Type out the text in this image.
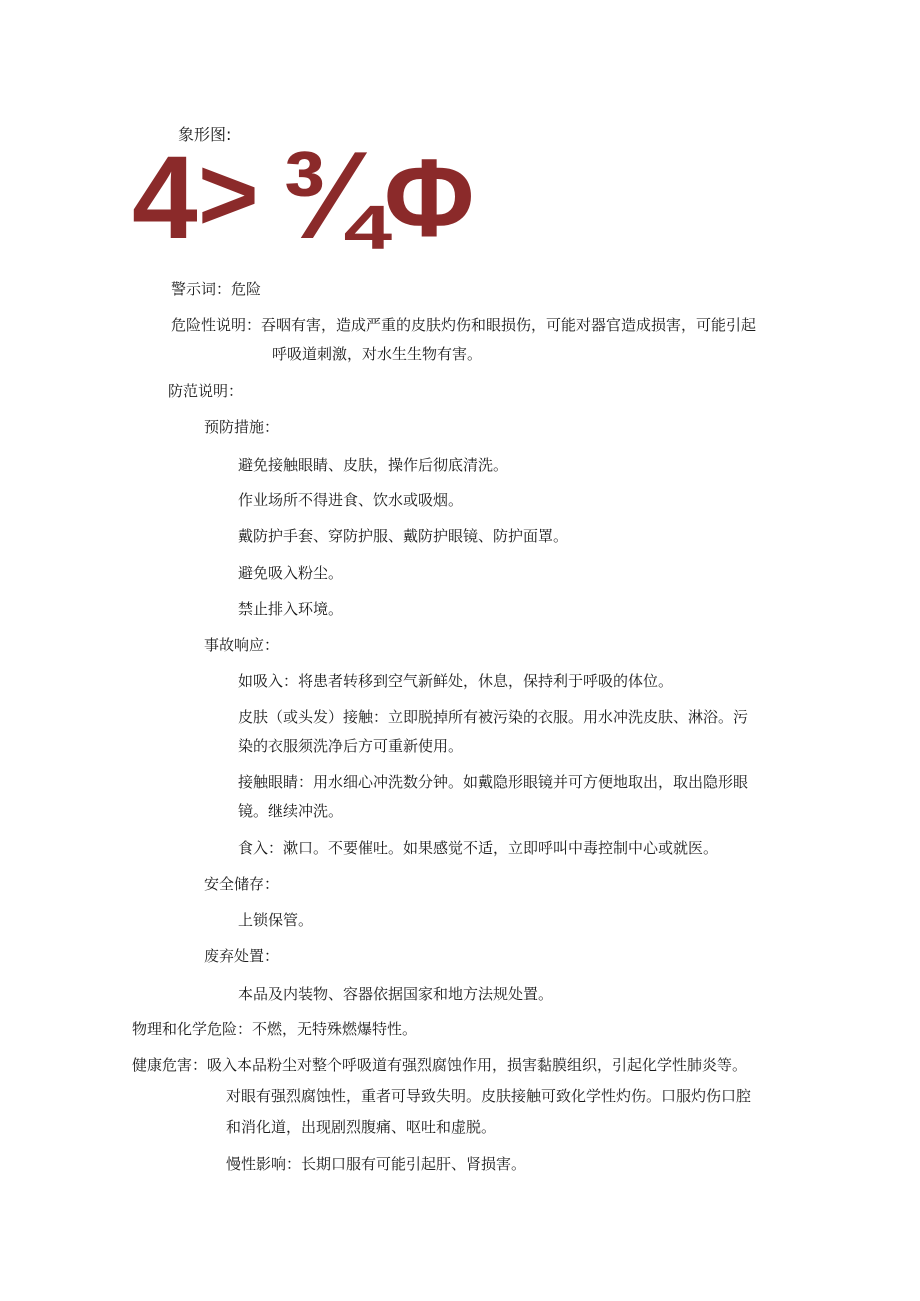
象形图:
4 > ¾ Φ
警示词：危险
危险性说明：吞咽有害，造成严重的皮肤灼伤和眼损伤，可能对器官造成损害，可能引起
呼吸道刺激，对水生生物有害。
防范说明：
预防措施：
避免接触眼睛、皮肤，操作后彻底清洗。
作业场所不得进食、饮水或吸烟。
戴防护手套、穿防护服、戴防护眼镜、防护面罩。
避免吸入粉尘。
禁止排入环境。
事故响应：
如吸入：将患者转移到空气新鲜处，休息，保持利于呼吸的体位。
皮肤（或头发）接触：立即脱掉所有被污染的衣服。用水冲洗皮肤、淋浴。污
染的衣服须洗净后方可重新使用。
接触眼睛：用水细心冲洗数分钟。如戴隐形眼镜并可方便地取出，取出隐形眼
镜。继续冲洗。
食入：漱口。不要催吐。如果感觉不适，立即呼叫中毒控制中心或就医。
安全储存：
上锁保管。
废弃处置：
本品及内装物、容器依据国家和地方法规处置。
物理和化学危险：不燃，无特殊燃爆特性。
健康危害：吸入本品粉尘对整个呼吸道有强烈腐蚀作用，损害黏膜组织，引起化学性肺炎等。
对眼有强烈腐蚀性，重者可导致失明。皮肤接触可致化学性灼伤。口服灼伤口腔
和消化道，出现剧烈腹痛、呕吐和虚脱。
慢性影响：长期口服有可能引起肝、肾损害。
